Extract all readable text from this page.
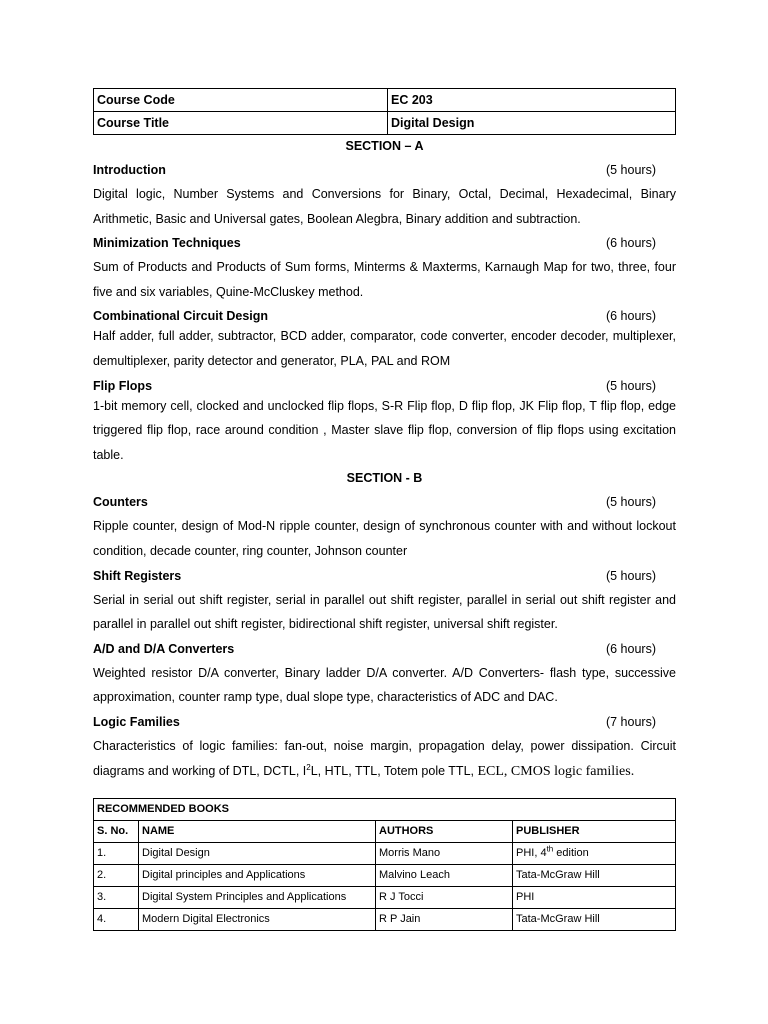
Course Code	EC 203
Course Title	Digital Design
SECTION – A
Introduction	(5 hours)
Digital logic, Number Systems and Conversions for Binary, Octal, Decimal, Hexadecimal, Binary Arithmetic, Basic and Universal gates, Boolean Alegbra, Binary addition and subtraction.
Minimization Techniques	(6 hours)
Sum of Products and Products of Sum forms, Minterms & Maxterms, Karnaugh Map for two, three, four five and six variables, Quine-McCluskey method.
Combinational Circuit Design	(6 hours)
Half adder, full adder, subtractor, BCD adder, comparator, code converter, encoder decoder, multiplexer, demultiplexer, parity detector and generator, PLA, PAL and ROM
Flip Flops	(5 hours)
1-bit memory cell, clocked and unclocked flip flops, S-R Flip flop, D flip flop, JK Flip flop, T flip flop, edge triggered flip flop, race around condition , Master slave flip flop, conversion of flip flops using excitation table.
SECTION - B
Counters	(5 hours)
Ripple counter, design of Mod-N ripple counter, design of synchronous counter with and without lockout condition, decade counter, ring counter, Johnson counter
Shift Registers	(5 hours)
Serial in serial out shift register, serial in parallel out shift register, parallel in serial out shift register and parallel in parallel out shift register, bidirectional shift register, universal shift register.
A/D and D/A Converters	(6 hours)
Weighted resistor D/A converter, Binary ladder D/A converter. A/D Converters- flash type, successive approximation, counter ramp type, dual slope type, characteristics of ADC and DAC.
Logic Families	(7 hours)
Characteristics of logic families: fan-out, noise margin, propagation delay, power dissipation. Circuit diagrams and working of DTL, DCTL, $I^2L$, HTL, TTL, Totem pole TTL, ECL, CMOS logic families.
RECOMMENDED BOOKS			
S. No.	NAME	AUTHORS	PUBLISHER
1.	Digital Design	Morris Mano	PHI, 4th edition
2.	Digital principles and Applications	Malvino Leach	Tata-McGraw Hill
3.	Digital System Principles and Applications	R J Tocci	PHI
4.	Modern Digital Electronics	R P Jain	Tata-McGraw Hill
